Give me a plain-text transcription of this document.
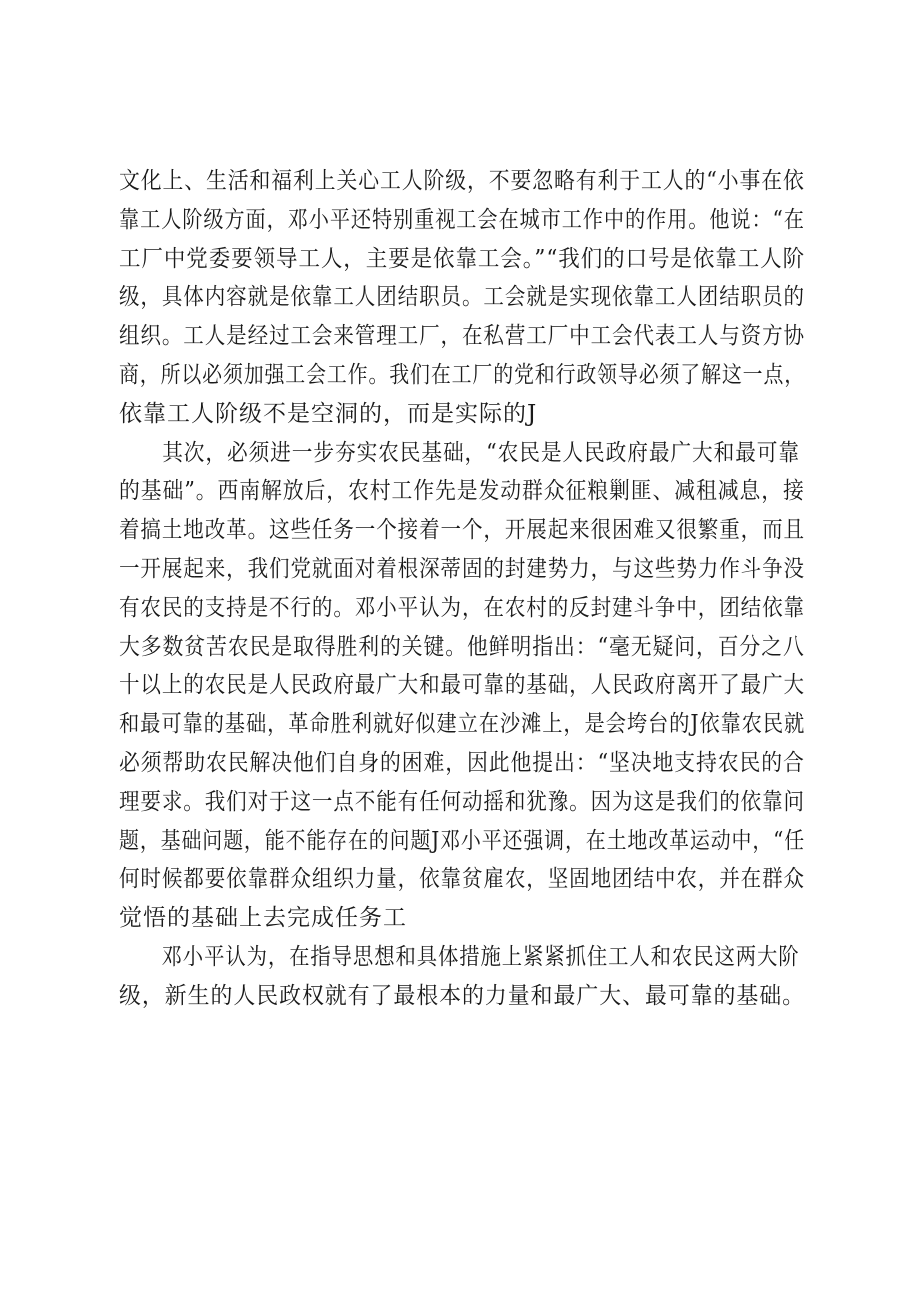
文化上、生活和福利上关心工人阶级，不要忽略有利于工人的“小事在依
靠工人阶级方面，邓小平还特别重视工会在城市工作中的作用。他说：“在
工厂中党委要领导工人，主要是依靠工会。”“我们的口号是依靠工人阶
级，具体内容就是依靠工人团结职员。工会就是实现依靠工人团结职员的
组织。工人是经过工会来管理工厂，在私营工厂中工会代表工人与资方协
商，所以必须加强工会工作。我们在工厂的党和行政领导必须了解这一点，
依靠工人阶级不是空洞的，而是实际的J
其次，必须进一步夯实农民基础，“农民是人民政府最广大和最可靠
的基础”。西南解放后，农村工作先是发动群众征粮剿匪、减租减息，接
着搞土地改革。这些任务一个接着一个，开展起来很困难又很繁重，而且
一开展起来，我们党就面对着根深蒂固的封建势力，与这些势力作斗争没
有农民的支持是不行的。邓小平认为，在农村的反封建斗争中，团结依靠
大多数贫苦农民是取得胜利的关键。他鲜明指出：“毫无疑问，百分之八
十以上的农民是人民政府最广大和最可靠的基础，人民政府离开了最广大
和最可靠的基础，革命胜利就好似建立在沙滩上，是会垮台的J依靠农民就
必须帮助农民解决他们自身的困难，因此他提出：“坚决地支持农民的合
理要求。我们对于这一点不能有任何动摇和犹豫。因为这是我们的依靠问
题，基础问题，能不能存在的问题J邓小平还强调，在土地改革运动中，“任
何时候都要依靠群众组织力量，依靠贫雇农，坚固地团结中农，并在群众
觉悟的基础上去完成任务工
邓小平认为，在指导思想和具体措施上紧紧抓住工人和农民这两大阶
级，新生的人民政权就有了最根本的力量和最广大、最可靠的基础。
